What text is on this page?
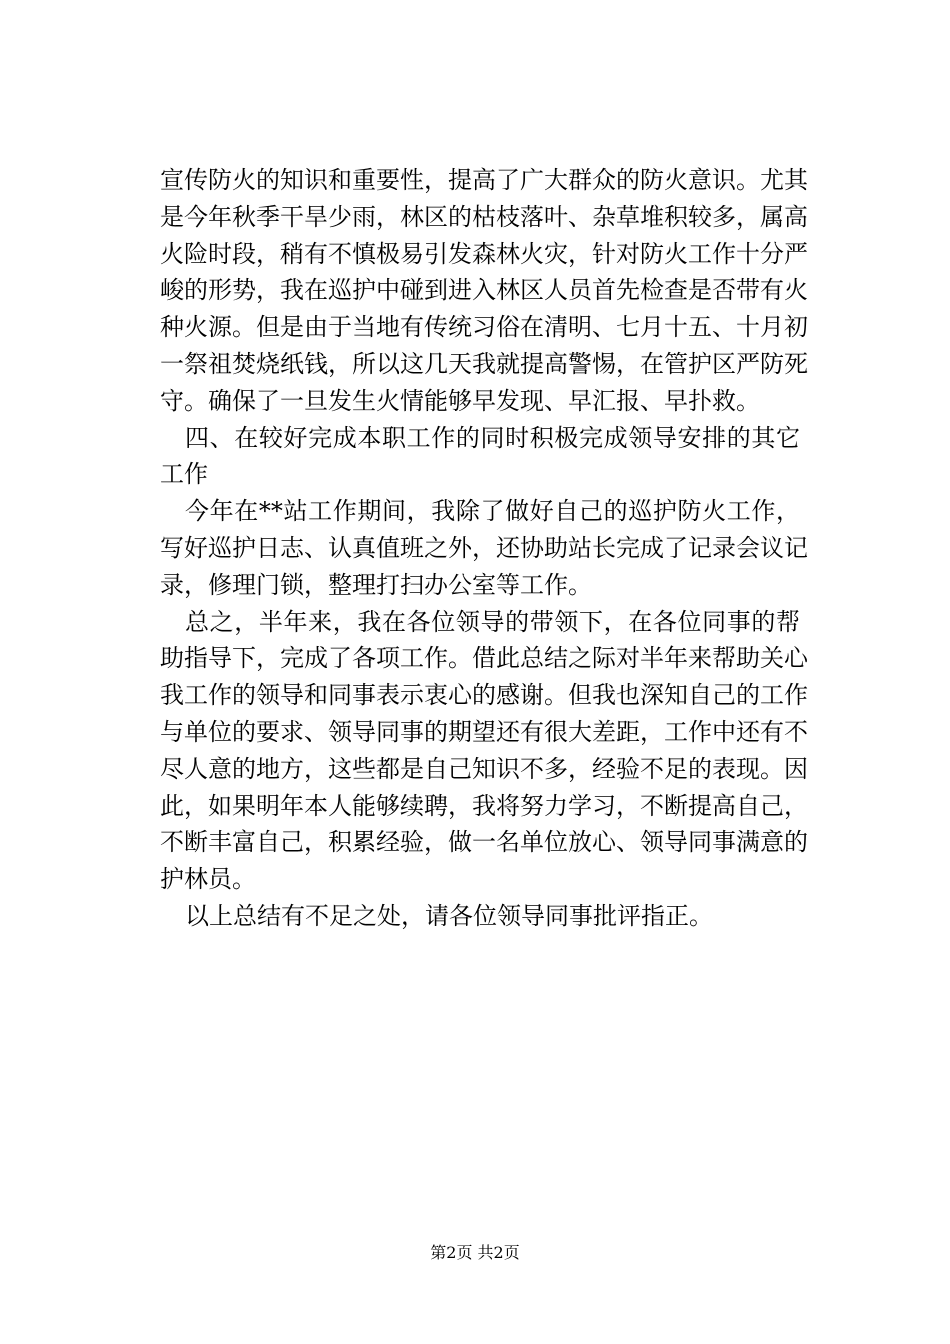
宣传防火的知识和重要性，提高了广大群众的防火意识。尤其
是今年秋季干旱少雨，林区的枯枝落叶、杂草堆积较多，属高
火险时段，稍有不慎极易引发森林火灾，针对防火工作十分严
峻的形势，我在巡护中碰到进入林区人员首先检查是否带有火
种火源。但是由于当地有传统习俗在清明、七月十五、十月初
一祭祖焚烧纸钱，所以这几天我就提高警惕，在管护区严防死
守。确保了一旦发生火情能够早发现、早汇报、早扑救。
四、在较好完成本职工作的同时积极完成领导安排的其它
工作
今年在**站工作期间，我除了做好自己的巡护防火工作，
写好巡护日志、认真值班之外，还协助站长完成了记录会议记
录，修理门锁，整理打扫办公室等工作。
总之，半年来，我在各位领导的带领下，在各位同事的帮
助指导下，完成了各项工作。借此总结之际对半年来帮助关心
我工作的领导和同事表示衷心的感谢。但我也深知自己的工作
与单位的要求、领导同事的期望还有很大差距，工作中还有不
尽人意的地方，这些都是自己知识不多，经验不足的表现。因
此，如果明年本人能够续聘，我将努力学习，不断提高自己，
不断丰富自己，积累经验，做一名单位放心、领导同事满意的
护林员。
以上总结有不足之处，请各位领导同事批评指正。
第2页 共2页
